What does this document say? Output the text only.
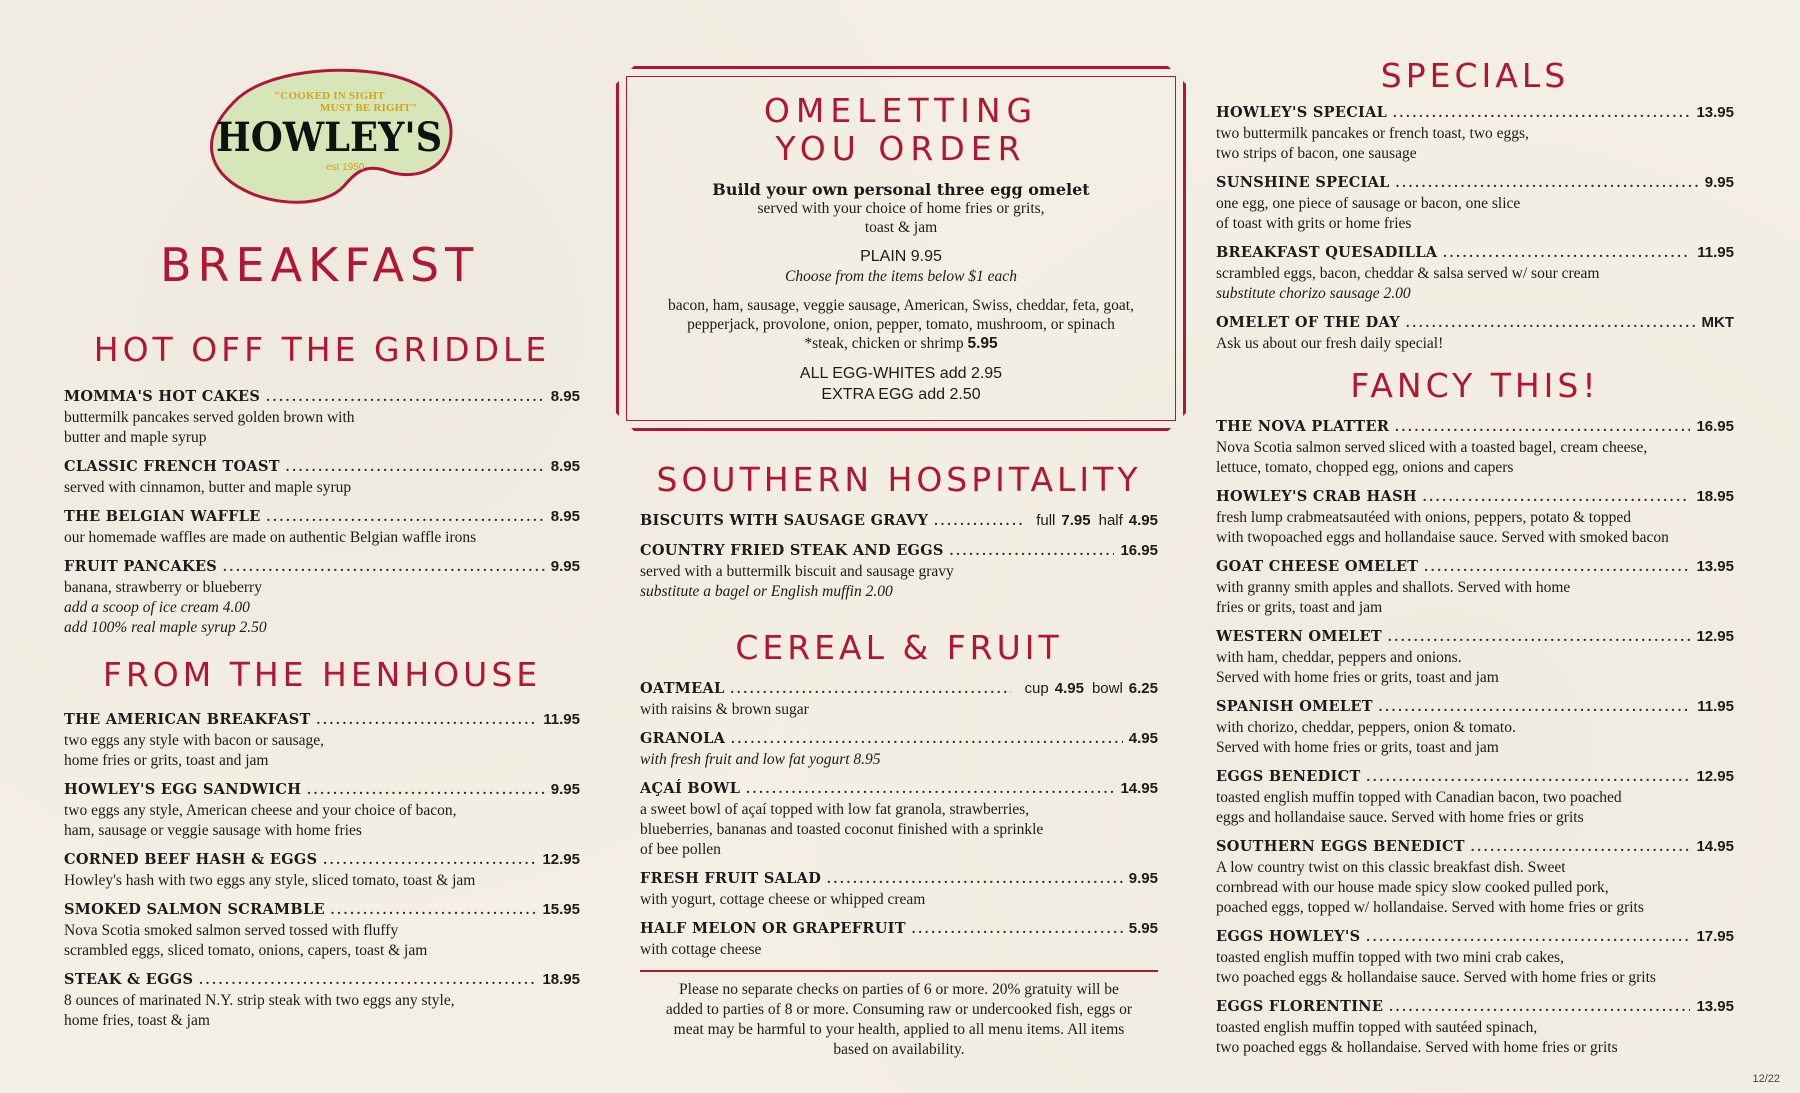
"COOKED IN SIGHT
MUST BE RIGHT"
HOWLEY'S
est 1950
BREAKFAST
HOT OFF THE GRIDDLE
MOMMA'S HOT CAKES .....	8.95
buttermilk pancakes served golden brown with
butter and maple syrup
CLASSIC FRENCH TOAST .....	8.95
served with cinnamon, butter and maple syrup
THE BELGIAN WAFFLE .....	8.95
our homemade waffles are made on authentic Belgian waffle irons
FRUIT PANCAKES .....	9.95
banana, strawberry or blueberry
add a scoop of ice cream 4.00
add 100% real maple syrup 2.50
FROM THE HENHOUSE
THE AMERICAN BREAKFAST .....	11.95
two eggs any style with bacon or sausage,
home fries or grits, toast and jam
HOWLEY'S EGG SANDWICH .....	9.95
two eggs any style, American cheese and your choice of bacon,
ham, sausage or veggie sausage with home fries
CORNED BEEF HASH & EGGS .....	12.95
Howley's hash with two eggs any style, sliced tomato, toast & jam
SMOKED SALMON SCRAMBLE .....	15.95
Nova Scotia smoked salmon served tossed with fluffy
scrambled eggs, sliced tomato, onions, capers, toast & jam
STEAK & EGGS .....	18.95
8 ounces of marinated N.Y. strip steak with two eggs any style,
home fries, toast & jam
OMELETTING
YOU ORDER
Build your own personal three egg omelet
served with your choice of home fries or grits,
toast & jam
PLAIN 9.95
Choose from the items below $1 each
bacon, ham, sausage, veggie sausage, American, Swiss, cheddar, feta, goat,
pepperjack, provolone, onion, pepper, tomato, mushroom, or spinach
*steak, chicken or shrimp 5.95
ALL EGG-WHITES add 2.95
EXTRA EGG add 2.50
SOUTHERN HOSPITALITY
BISCUITS WITH SAUSAGE GRAVY .....	full 7.95 half 4.95
COUNTRY FRIED STEAK AND EGGS .....	16.95
served with a buttermilk biscuit and sausage gravy
substitute a bagel or English muffin 2.00
CEREAL & FRUIT
OATMEAL .....	cup 4.95 bowl 6.25
with raisins & brown sugar
GRANOLA .....	4.95
with fresh fruit and low fat yogurt 8.95
AÇAÍ BOWL .....	14.95
a sweet bowl of açaí topped with low fat granola, strawberries,
blueberries, bananas and toasted coconut finished with a sprinkle
of bee pollen
FRESH FRUIT SALAD .....	9.95
with yogurt, cottage cheese or whipped cream
HALF MELON OR GRAPEFRUIT .....	5.95
with cottage cheese
Please no separate checks on parties of 6 or more. 20% gratuity will be
added to parties of 8 or more. Consuming raw or undercooked fish, eggs or
meat may be harmful to your health, applied to all menu items. All items
based on availability.
SPECIALS
HOWLEY'S SPECIAL .....	13.95
two buttermilk pancakes or french toast, two eggs,
two strips of bacon, one sausage
SUNSHINE SPECIAL .....	9.95
one egg, one piece of sausage or bacon, one slice
of toast with grits or home fries
BREAKFAST QUESADILLA .....	11.95
scrambled eggs, bacon, cheddar & salsa served w/ sour cream
substitute chorizo sausage 2.00
OMELET OF THE DAY .....	MKT
Ask us about our fresh daily special!
FANCY THIS!
THE NOVA PLATTER .....	16.95
Nova Scotia salmon served sliced with a toasted bagel, cream cheese,
lettuce, tomato, chopped egg, onions and capers
HOWLEY'S CRAB HASH .....	18.95
fresh lump crabmeatsautéed with onions, peppers, potato & topped
with twopoached eggs and hollandaise sauce. Served with smoked bacon
GOAT CHEESE OMELET .....	13.95
with granny smith apples and shallots. Served with home
fries or grits, toast and jam
WESTERN OMELET .....	12.95
with ham, cheddar, peppers and onions.
Served with home fries or grits, toast and jam
SPANISH OMELET .....	11.95
with chorizo, cheddar, peppers, onion & tomato.
Served with home fries or grits, toast and jam
EGGS BENEDICT .....	12.95
toasted english muffin topped with Canadian bacon, two poached
eggs and hollandaise sauce. Served with home fries or grits
SOUTHERN EGGS BENEDICT .....	14.95
A low country twist on this classic breakfast dish. Sweet
cornbread with our house made spicy slow cooked pulled pork,
poached eggs, topped w/ hollandaise. Served with home fries or grits
EGGS HOWLEY'S .....	17.95
toasted english muffin topped with two mini crab cakes,
two poached eggs & hollandaise sauce. Served with home fries or grits
EGGS FLORENTINE .....	13.95
toasted english muffin topped with sautéed spinach,
two poached eggs & hollandaise. Served with home fries or grits
12/22
